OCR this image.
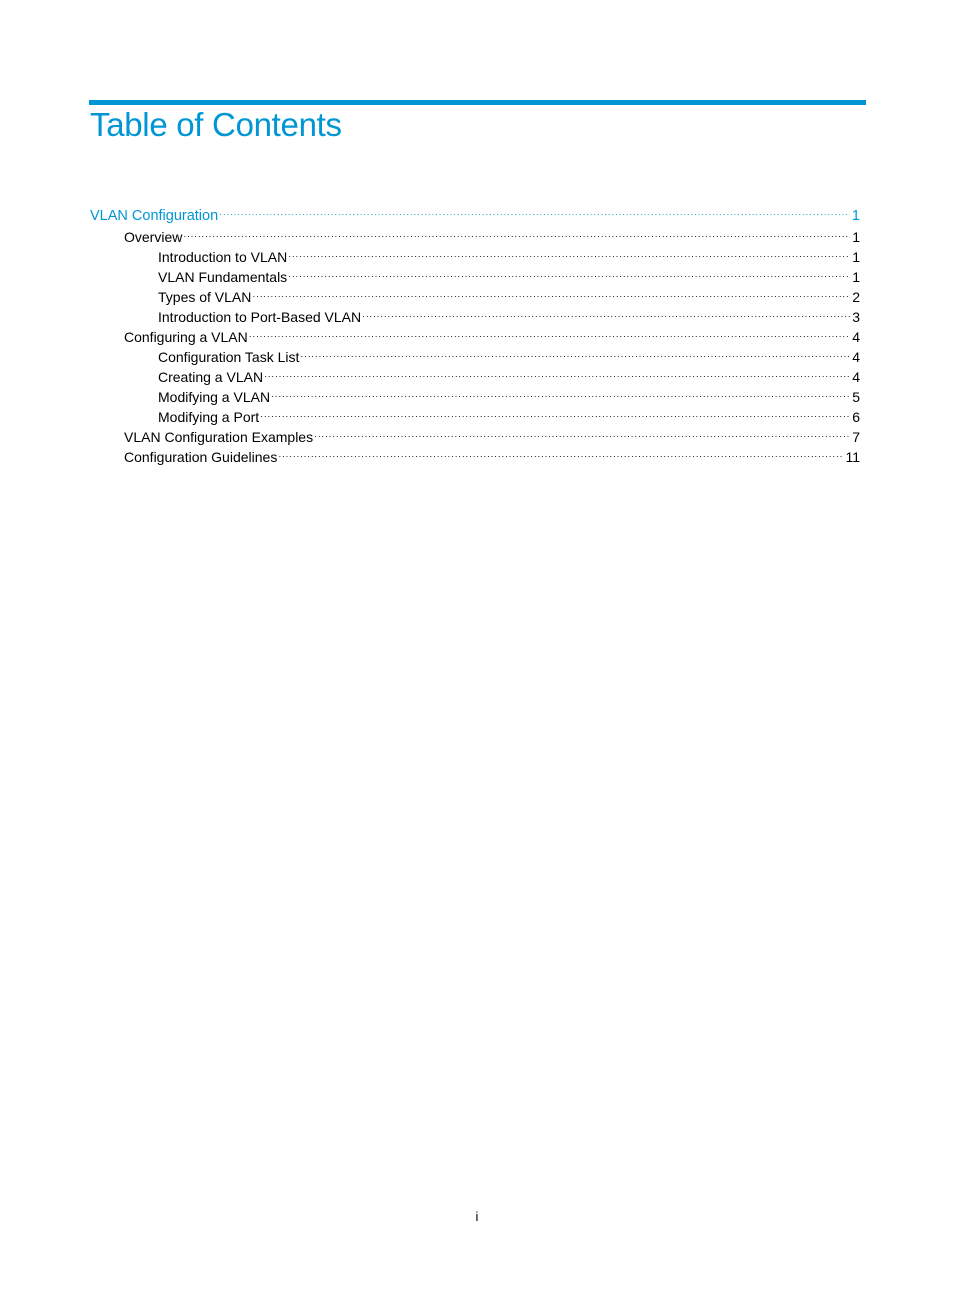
Table of Contents
VLAN Configuration ·····	1
Overview ·····	1
Introduction to VLAN ·····	1
VLAN Fundamentals ·····	1
Types of VLAN ·····	2
Introduction to Port-Based VLAN ·····	3
Configuring a VLAN ·····	4
Configuration Task List ·····	4
Creating a VLAN ·····	4
Modifying a VLAN ·····	5
Modifying a Port ·····	6
VLAN Configuration Examples ·····	7
Configuration Guidelines ·····	11
i
